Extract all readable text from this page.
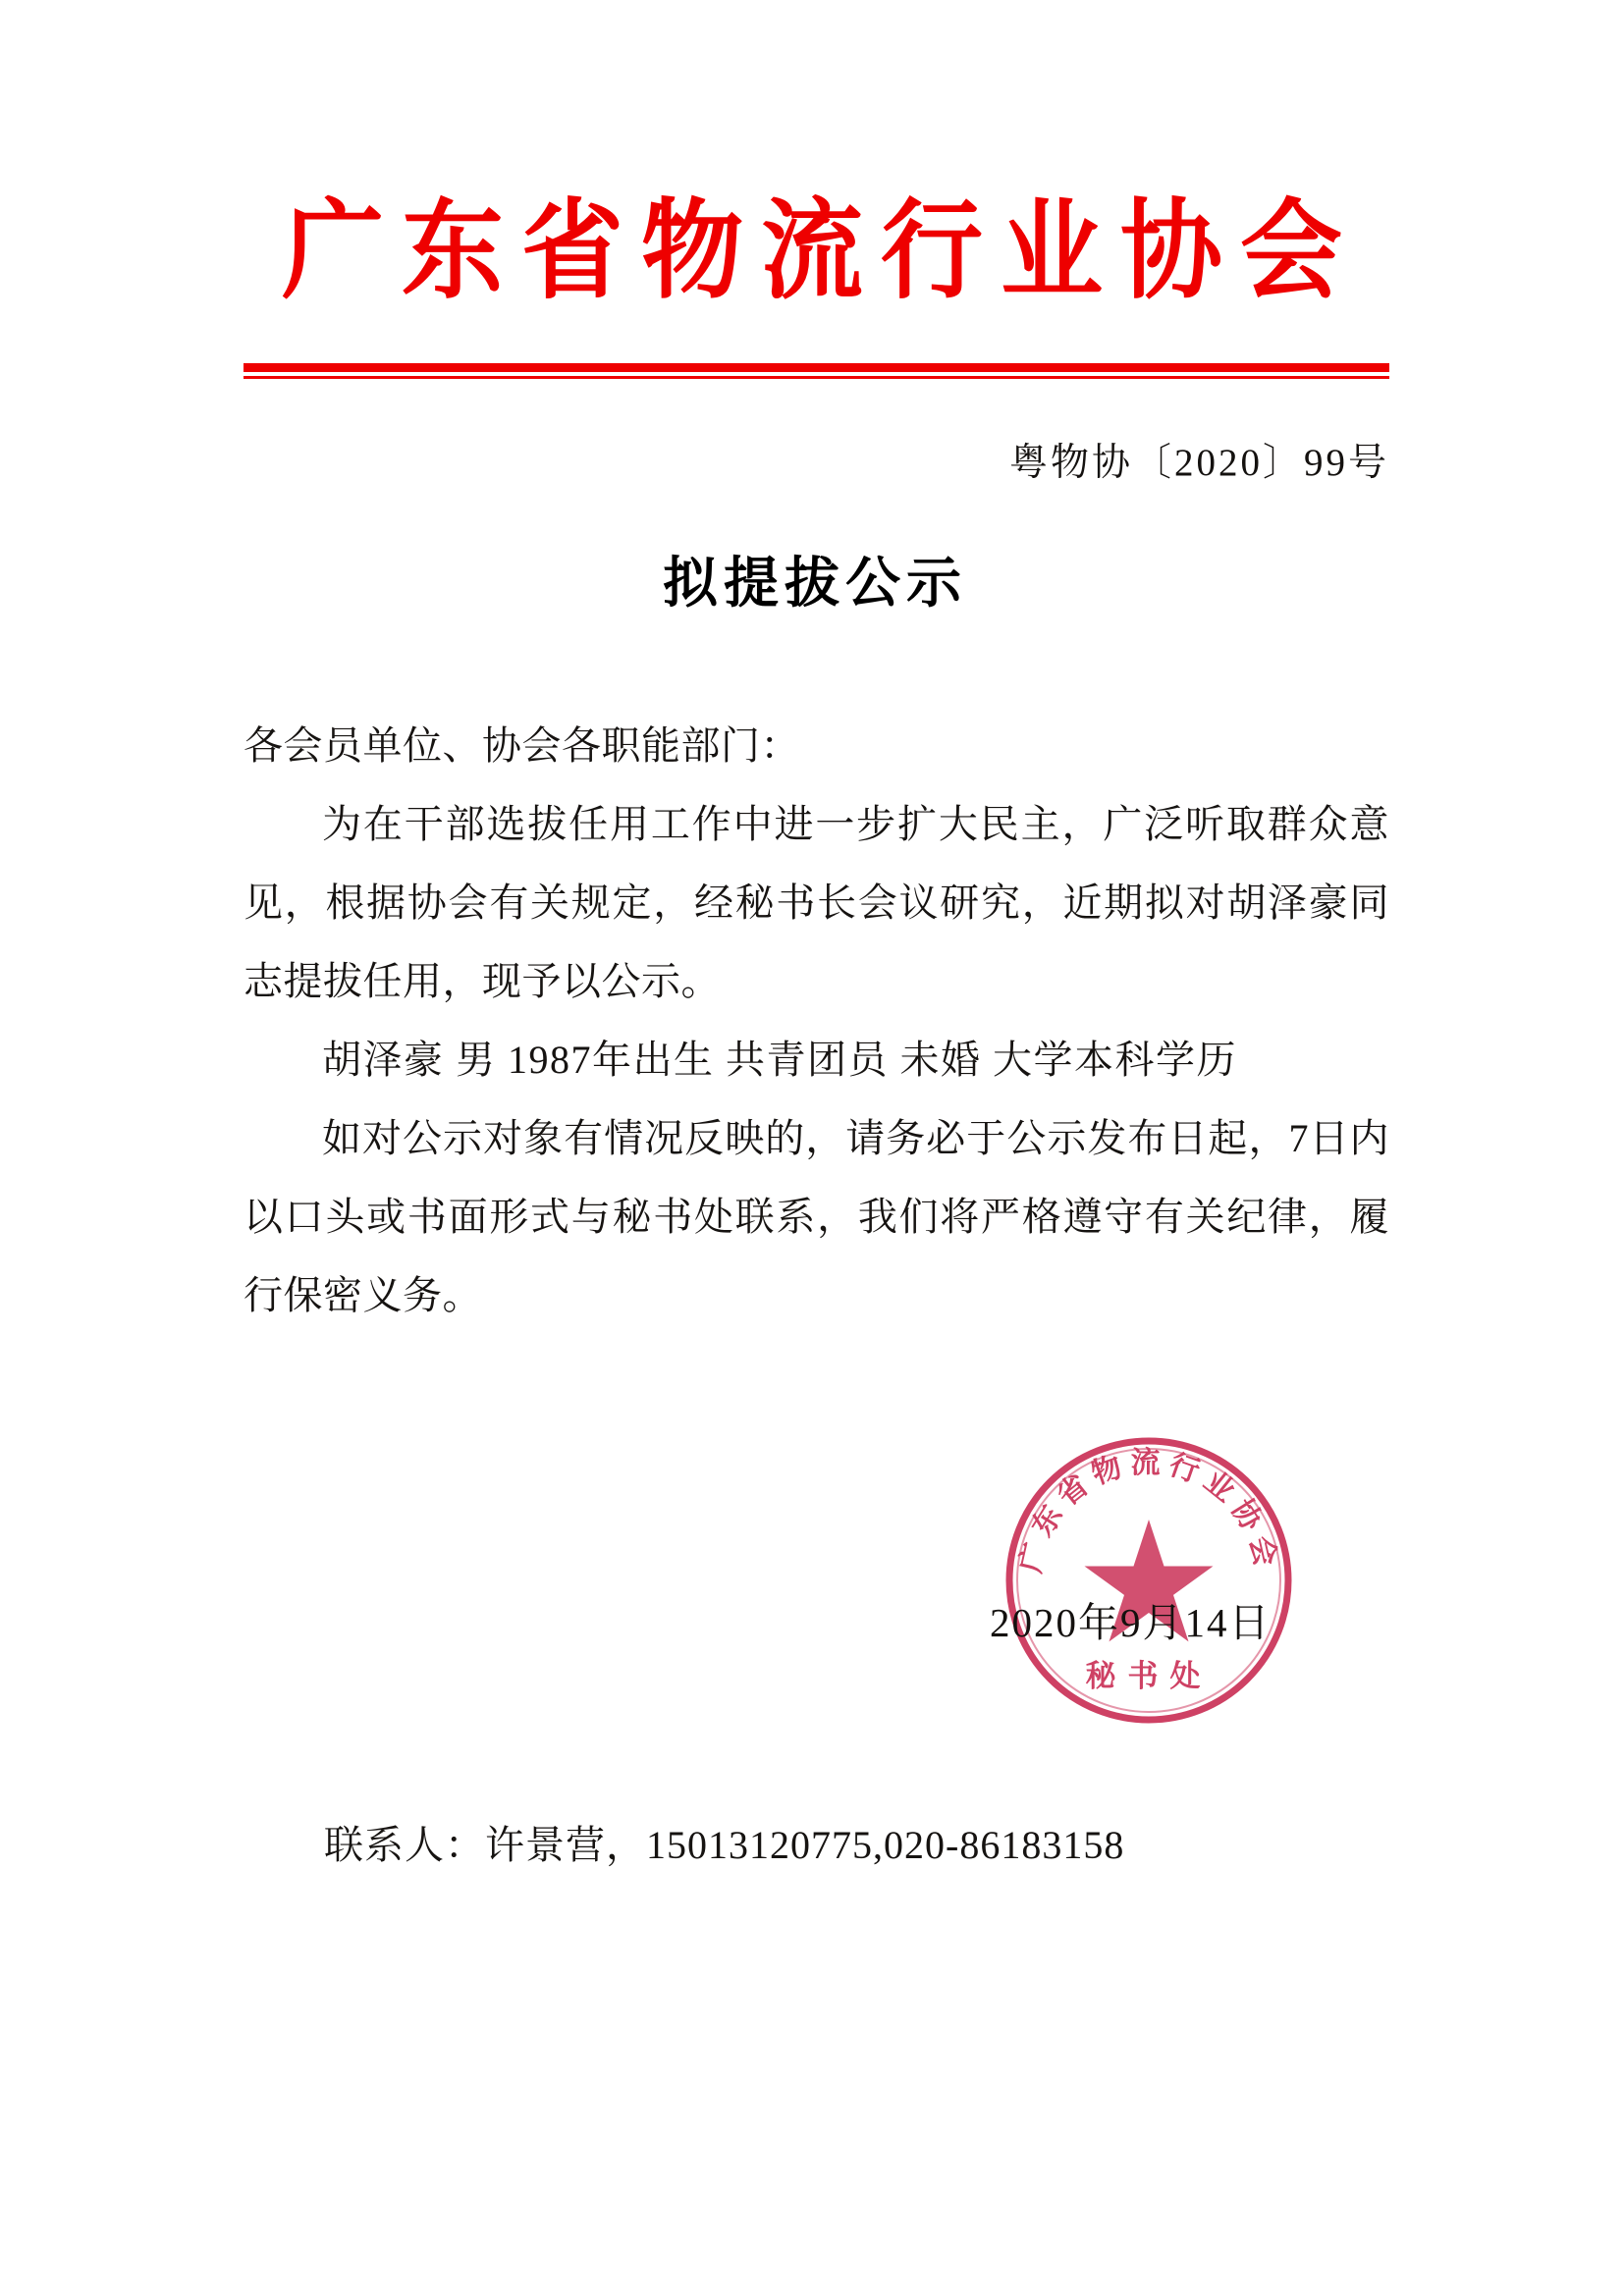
广东省物流行业协会
粤物协〔2020〕99号
拟提拔公示

各会员单位、协会各职能部门：

为在干部选拔任用工作中进一步扩大民主，广泛听取群众意见，根据协会有关规定，经秘书长会议研究，近期拟对胡泽豪同志提拔任用，现予以公示。

胡泽豪 男 1987年出生 共青团员 未婚 大学本科学历

如对公示对象有情况反映的，请务必于公示发布日起，7日内以口头或书面形式与秘书处联系，我们将严格遵守有关纪律，履行保密义务。

广东省物流行业协会
秘书处
2020年9月14日
联系人：许景营，15013120775,020-86183158
